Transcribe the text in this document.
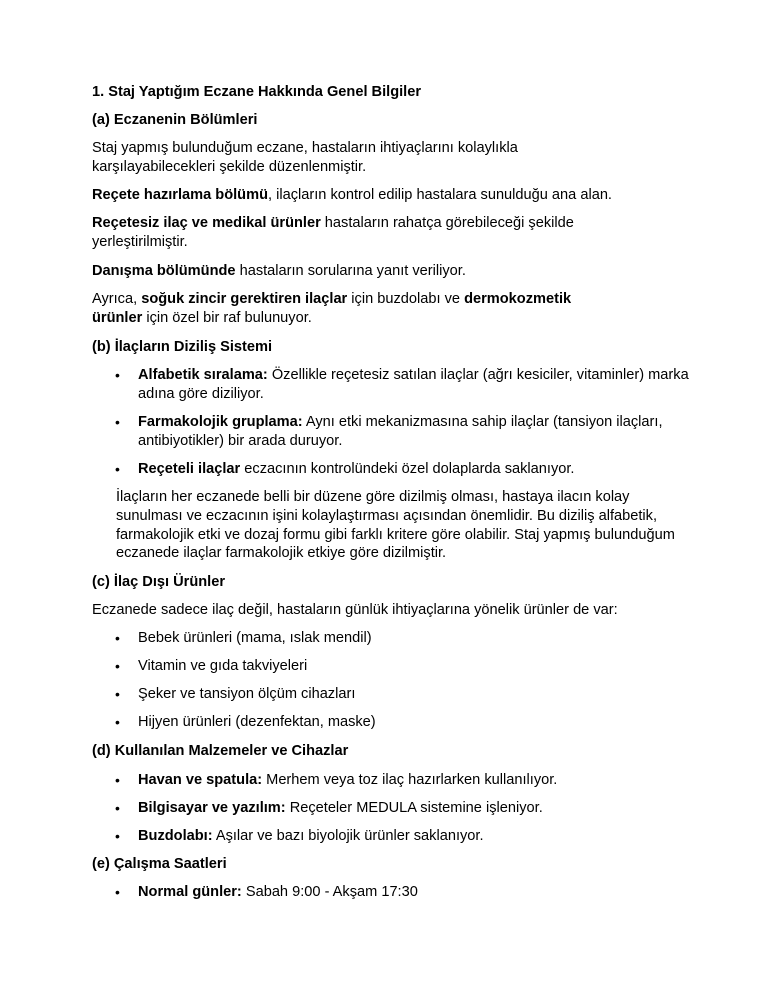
1. Staj Yaptığım Eczane Hakkında Genel Bilgiler

(a) Eczanenin Bölümleri

Staj yapmış bulunduğum eczane, hastaların ihtiyaçlarını kolaylıkla karşılayabilecekleri şekilde düzenlenmiştir.

Reçete hazırlama bölümü, ilaçların kontrol edilip hastalara sunulduğu ana alan.

Reçetesiz ilaç ve medikal ürünler hastaların rahatça görebileceği şekilde yerleştirilmiştir.

Danışma bölümünde hastaların sorularına yanıt veriliyor.

Ayrıca, soğuk zincir gerektiren ilaçlar için buzdolabı ve dermokozmetik ürünler için özel bir raf bulunuyor.

(b) İlaçların Diziliş Sistemi

• Alfabetik sıralama: Özellikle reçetesiz satılan ilaçlar (ağrı kesiciler, vitaminler) marka adına göre diziliyor.

• Farmakolojik gruplama: Aynı etki mekanizmasına sahip ilaçlar (tansiyon ilaçları, antibiyotikler) bir arada duruyor.

• Reçeteli ilaçlar eczacının kontrolündeki özel dolaplarda saklanıyor.

İlaçların her eczanede belli bir düzene göre dizilmiş olması, hastaya ilacın kolay sunulması ve eczacının işini kolaylaştırması açısından önemlidir. Bu diziliş alfabetik, farmakolojik etki ve dozaj formu gibi farklı kritere göre olabilir. Staj yapmış bulunduğum eczanede ilaçlar farmakolojik etkiye göre dizilmiştir.

(c) İlaç Dışı Ürünler

Eczanede sadece ilaç değil, hastaların günlük ihtiyaçlarına yönelik ürünler de var:

• Bebek ürünleri (mama, ıslak mendil)

• Vitamin ve gıda takviyeleri

• Şeker ve tansiyon ölçüm cihazları

• Hijyen ürünleri (dezenfektan, maske)

(d) Kullanılan Malzemeler ve Cihazlar

• Havan ve spatula: Merhem veya toz ilaç hazırlarken kullanılıyor.

• Bilgisayar ve yazılım: Reçeteler MEDULA sistemine işleniyor.

• Buzdolabı: Aşılar ve bazı biyolojik ürünler saklanıyor.

(e) Çalışma Saatleri

• Normal günler: Sabah 9:00 - Akşam 17:30
